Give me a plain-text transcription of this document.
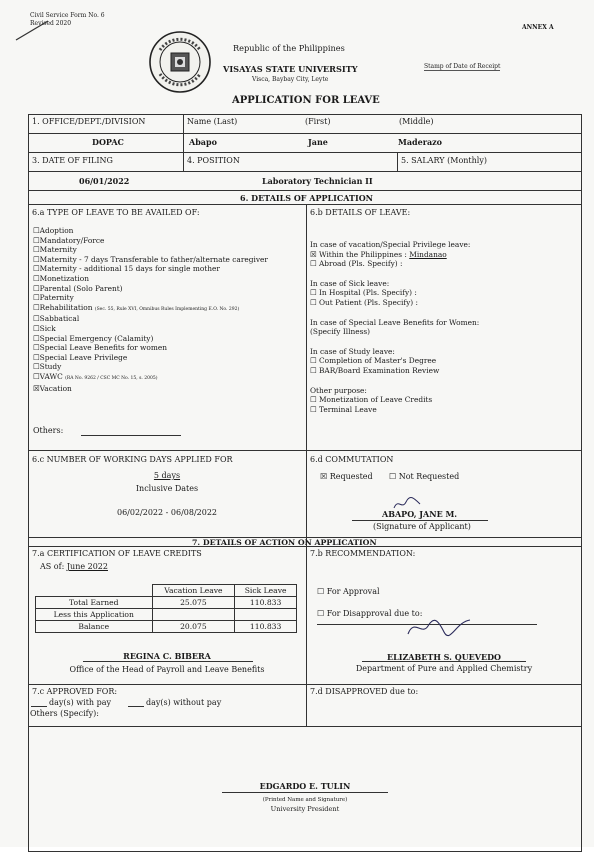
Civil Service Form No. 6
Revised 2020
ANNEX A
Republic of the Philippines
VISAYAS STATE UNIVERSITY
Visca, Baybay City, Leyte
Stamp of Date of Receipt
APPLICATION FOR LEAVE
1. OFFICE/DEPT./DIVISION	Name (Last)	(First)	(Middle)
DOPAC	Abapo	Jane	Maderazo
3. DATE OF FILING	4. POSITION	5. SALARY (Monthly)
06/01/2022	Laboratory Technician II
6. DETAILS OF APPLICATION
6.a TYPE OF LEAVE TO BE AVAILED OF:
☐Adoption
☐Mandatory/Force
☐Maternity
☐Maternity - 7 days Transferable to father/alternate caregiver
☐Maternity - additional 15 days for single mother
☐Monetization
☐Parental (Solo Parent)
☐Paternity
☐Rehabilitation (Sec. 55, Rule XVI, Omnibus Rules Implementing E.O. No. 292)
☐Sabbatical
☐Sick
☐Special Emergency (Calamity)
☐Special Leave Benefits for women
☐Special Leave Privilege
☐Study
☐VAWC (RA No. 9262 / CSC MC No. 15, s. 2005)
☒Vacation
Others:
6.b DETAILS OF LEAVE:
In case of vacation/Special Privilege leave:
☒ Within the Philippines : Mindanao
☐ Abroad (Pls. Specify) :
In case of Sick leave:
☐ In Hospital (Pls. Specify) :
☐ Out Patient (Pls. Specify) :
In case of Special Leave Benefits for Women:
(Specify Illness)
In case of Study leave:
☐ Completion of Master's Degree
☐ BAR/Board Examination Review
Other purpose:
☐ Monetization of Leave Credits
☐ Terminal Leave
6.c NUMBER OF WORKING DAYS APPLIED FOR
5 days
Inclusive Dates
06/02/2022 - 06/08/2022
6.d COMMUTATION
☒ Requested ☐ Not Requested
ABAPO, JANE M.
(Signature of Applicant)
7. DETAILS OF ACTION ON APPLICATION
7.a CERTIFICATION OF LEAVE CREDITS
AS of: June 2022
	Vacation Leave	Sick Leave
Total Earned	25.075	110.833
Less this Application		
Balance	20.075	110.833
REGINA C. BIBERA
Office of the Head of Payroll and Leave Benefits
7.b RECOMMENDATION:
☐ For Approval
☐ For Disapproval due to:
ELIZABETH S. QUEVEDO
Department of Pure and Applied Chemistry
7.c APPROVED FOR:
day(s) with pay	day(s) without pay
Others (Specify):
7.d DISAPPROVED due to:
EDGARDO E. TULIN
(Printed Name and Signature)
University President
